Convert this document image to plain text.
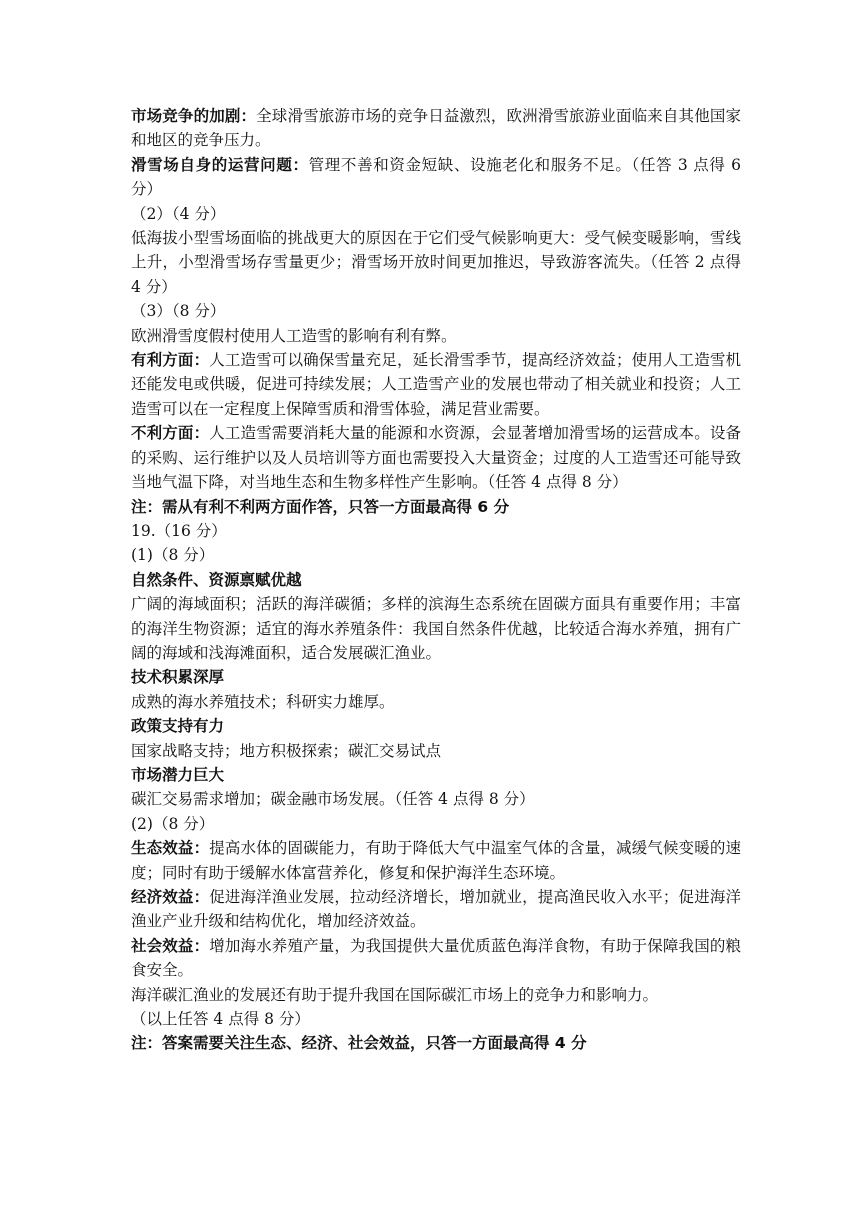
市场竞争的加剧：全球滑雪旅游市场的竞争日益激烈，欧洲滑雪旅游业面临来自其他国家和地区的竞争压力。

滑雪场自身的运营问题：管理不善和资金短缺、设施老化和服务不足。（任答 3 点得 6 分）

（2）（4 分）

低海拔小型雪场面临的挑战更大的原因在于它们受气候影响更大：受气候变暖影响，雪线上升，小型滑雪场存雪量更少；滑雪场开放时间更加推迟，导致游客流失。（任答 2 点得 4 分）

（3）（8 分）

欧洲滑雪度假村使用人工造雪的影响有利有弊。

有利方面：人工造雪可以确保雪量充足，延长滑雪季节，提高经济效益；使用人工造雪机还能发电或供暖，促进可持续发展；人工造雪产业的发展也带动了相关就业和投资；人工造雪可以在一定程度上保障雪质和滑雪体验，满足营业需要。

不利方面：人工造雪需要消耗大量的能源和水资源，会显著增加滑雪场的运营成本。设备的采购、运行维护以及人员培训等方面也需要投入大量资金；过度的人工造雪还可能导致当地气温下降，对当地生态和生物多样性产生影响。（任答 4 点得 8 分）

注：需从有利不利两方面作答，只答一方面最高得 6 分

19.（16 分）

(1)（8 分）

自然条件、资源禀赋优越

广阔的海域面积；活跃的海洋碳循；多样的滨海生态系统在固碳方面具有重要作用；丰富的海洋生物资源；适宜的海水养殖条件：我国自然条件优越，比较适合海水养殖，拥有广阔的海域和浅海滩面积，适合发展碳汇渔业。

技术积累深厚

成熟的海水养殖技术；科研实力雄厚。

政策支持有力

国家战略支持；地方积极探索；碳汇交易试点

市场潜力巨大

碳汇交易需求增加；碳金融市场发展。（任答 4 点得 8 分）

(2)（8 分）

生态效益：提高水体的固碳能力，有助于降低大气中温室气体的含量，减缓气候变暖的速度；同时有助于缓解水体富营养化，修复和保护海洋生态环境。

经济效益：促进海洋渔业发展，拉动经济增长，增加就业，提高渔民收入水平；促进海洋渔业产业升级和结构优化，增加经济效益。

社会效益：增加海水养殖产量，为我国提供大量优质蓝色海洋食物，有助于保障我国的粮食安全。

海洋碳汇渔业的发展还有助于提升我国在国际碳汇市场上的竞争力和影响力。

（以上任答 4 点得 8 分）

注：答案需要关注生态、经济、社会效益，只答一方面最高得 4 分
